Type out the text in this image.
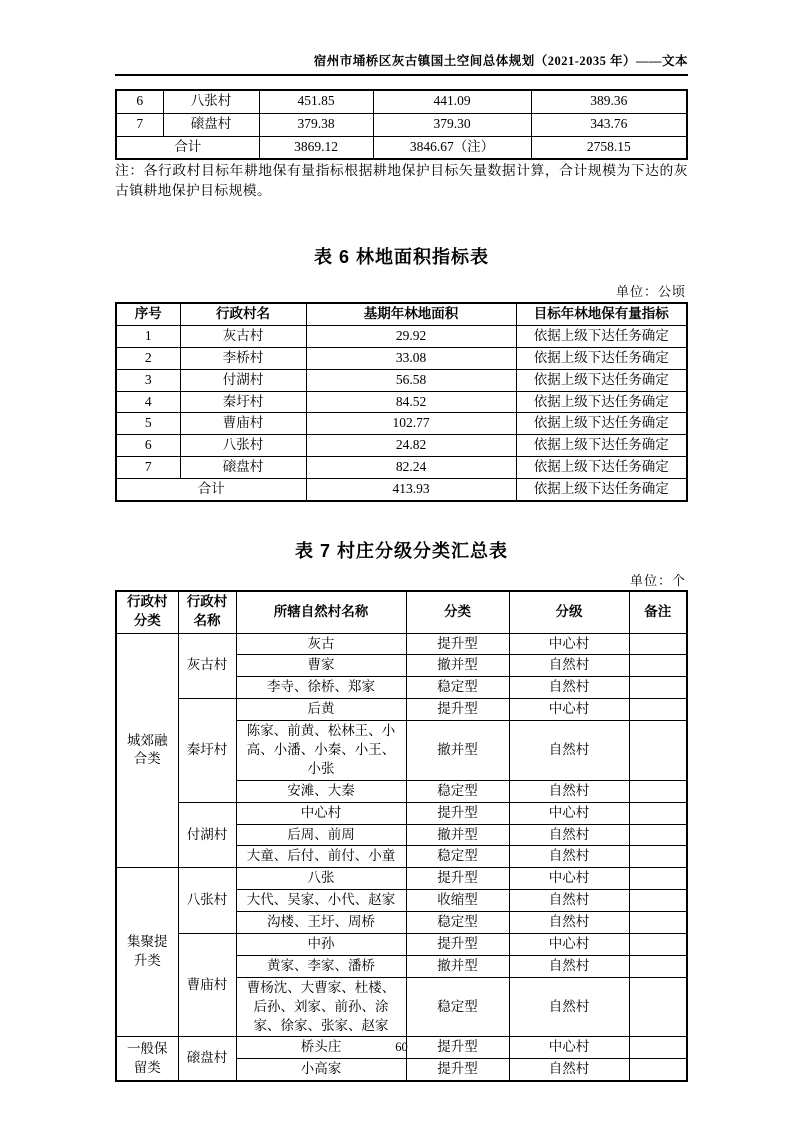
宿州市埇桥区灰古镇国土空间总体规划（2021-2035 年）——文本
6	八张村	451.85	441.09	389.36
7	磙盘村	379.38	379.30	343.76
合计		3869.12	3846.67（注）	2758.15

注：各行政村目标年耕地保有量指标根据耕地保护目标矢量数据计算，合计规模为下达的灰古镇耕地保护目标规模。

表 6 林地面积指标表
单位：公顷
序号	行政村名	基期年林地面积	目标年林地保有量指标
1	灰古村	29.92	依据上级下达任务确定
2	李桥村	33.08	依据上级下达任务确定
3	付湖村	56.58	依据上级下达任务确定
4	秦圩村	84.52	依据上级下达任务确定
5	曹庙村	102.77	依据上级下达任务确定
6	八张村	24.82	依据上级下达任务确定
7	磙盘村	82.24	依据上级下达任务确定
合计		413.93	依据上级下达任务确定
表 7 村庄分级分类汇总表
单位：个
行政村分类	行政村名称	所辖自然村名称	分类	分级	备注
城郊融合类	灰古村	灰古	提升型	中心村	
		曹家	撤并型	自然村	
		李寺、徐桥、郑家	稳定型	自然村	
	秦圩村	后黄	提升型	中心村	
		陈家、前黄、松林王、小高、小潘、小秦、小王、小张	撤并型	自然村	
		安滩、大秦	稳定型	自然村	
	付湖村	中心村	提升型	中心村	
		后周、前周	撤并型	自然村	
		大童、后付、前付、小童	稳定型	自然村	
集聚提升类	八张村	八张	提升型	中心村	
		大代、吴家、小代、赵家	收缩型	自然村	
		沟楼、王圩、周桥	稳定型	自然村	
	曹庙村	中孙	提升型	中心村	
		黄家、李家、潘桥	撤并型	自然村	
		曹杨沈、大曹家、杜楼、后孙、刘家、前孙、涂家、徐家、张家、赵家	稳定型	自然村	
一般保留类	磙盘村	桥头庄	提升型	中心村	
		小高家	提升型	自然村	
60
